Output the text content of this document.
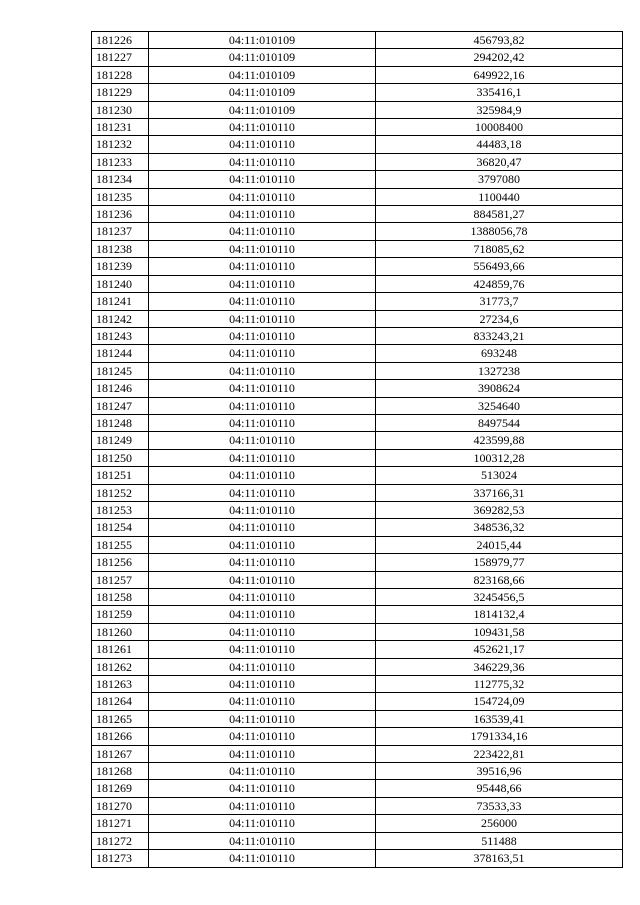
181226	04:11:010109	456793,82
181227	04:11:010109	294202,42
181228	04:11:010109	649922,16
181229	04:11:010109	335416,1
181230	04:11:010109	325984,9
181231	04:11:010110	10008400
181232	04:11:010110	44483,18
181233	04:11:010110	36820,47
181234	04:11:010110	3797080
181235	04:11:010110	1100440
181236	04:11:010110	884581,27
181237	04:11:010110	1388056,78
181238	04:11:010110	718085,62
181239	04:11:010110	556493,66
181240	04:11:010110	424859,76
181241	04:11:010110	31773,7
181242	04:11:010110	27234,6
181243	04:11:010110	833243,21
181244	04:11:010110	693248
181245	04:11:010110	1327238
181246	04:11:010110	3908624
181247	04:11:010110	3254640
181248	04:11:010110	8497544
181249	04:11:010110	423599,88
181250	04:11:010110	100312,28
181251	04:11:010110	513024
181252	04:11:010110	337166,31
181253	04:11:010110	369282,53
181254	04:11:010110	348536,32
181255	04:11:010110	24015,44
181256	04:11:010110	158979,77
181257	04:11:010110	823168,66
181258	04:11:010110	3245456,5
181259	04:11:010110	1814132,4
181260	04:11:010110	109431,58
181261	04:11:010110	452621,17
181262	04:11:010110	346229,36
181263	04:11:010110	112775,32
181264	04:11:010110	154724,09
181265	04:11:010110	163539,41
181266	04:11:010110	1791334,16
181267	04:11:010110	223422,81
181268	04:11:010110	39516,96
181269	04:11:010110	95448,66
181270	04:11:010110	73533,33
181271	04:11:010110	256000
181272	04:11:010110	511488
181273	04:11:010110	378163,51
